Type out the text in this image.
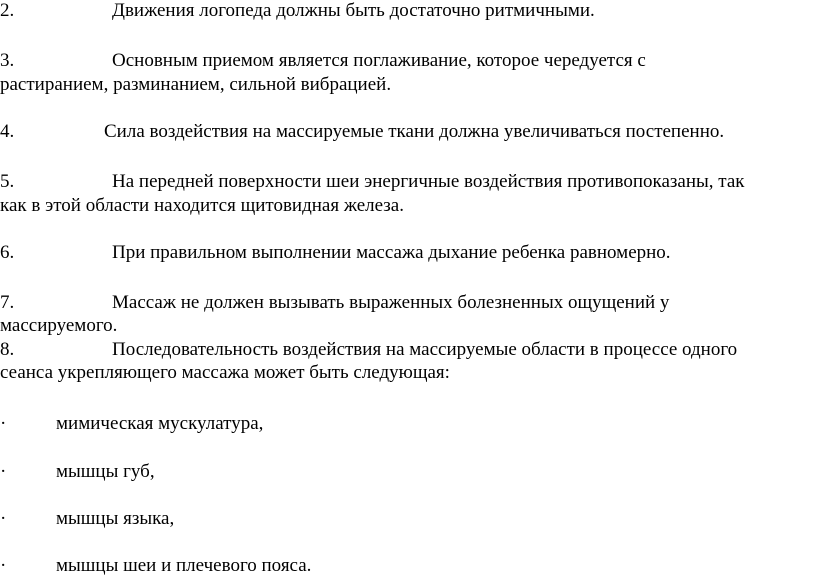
2.	Движения логопеда должны быть достаточно ритмичными.
3.	Основным приемом является поглаживание, которое чередуется с
растиранием, разминанием, сильной вибрацией.
4.	Сила воздействия на массируемые ткани должна увеличиваться постепенно.
5.	На передней поверхности шеи энергичные воздействия противопоказаны, так
как в этой области находится щитовидная железа.
6.	При правильном выполнении массажа дыхание ребенка равномерно.
7.	Массаж не должен вызывать выраженных болезненных ощущений у
массируемого.
8.	Последовательность воздействия на массируемые области в процессе одного
сеанса укрепляющего массажа может быть следующая:
·	мимическая мускулатура,
·	мышцы губ,
·	мышцы языка,
·	мышцы шеи и плечевого пояса.
